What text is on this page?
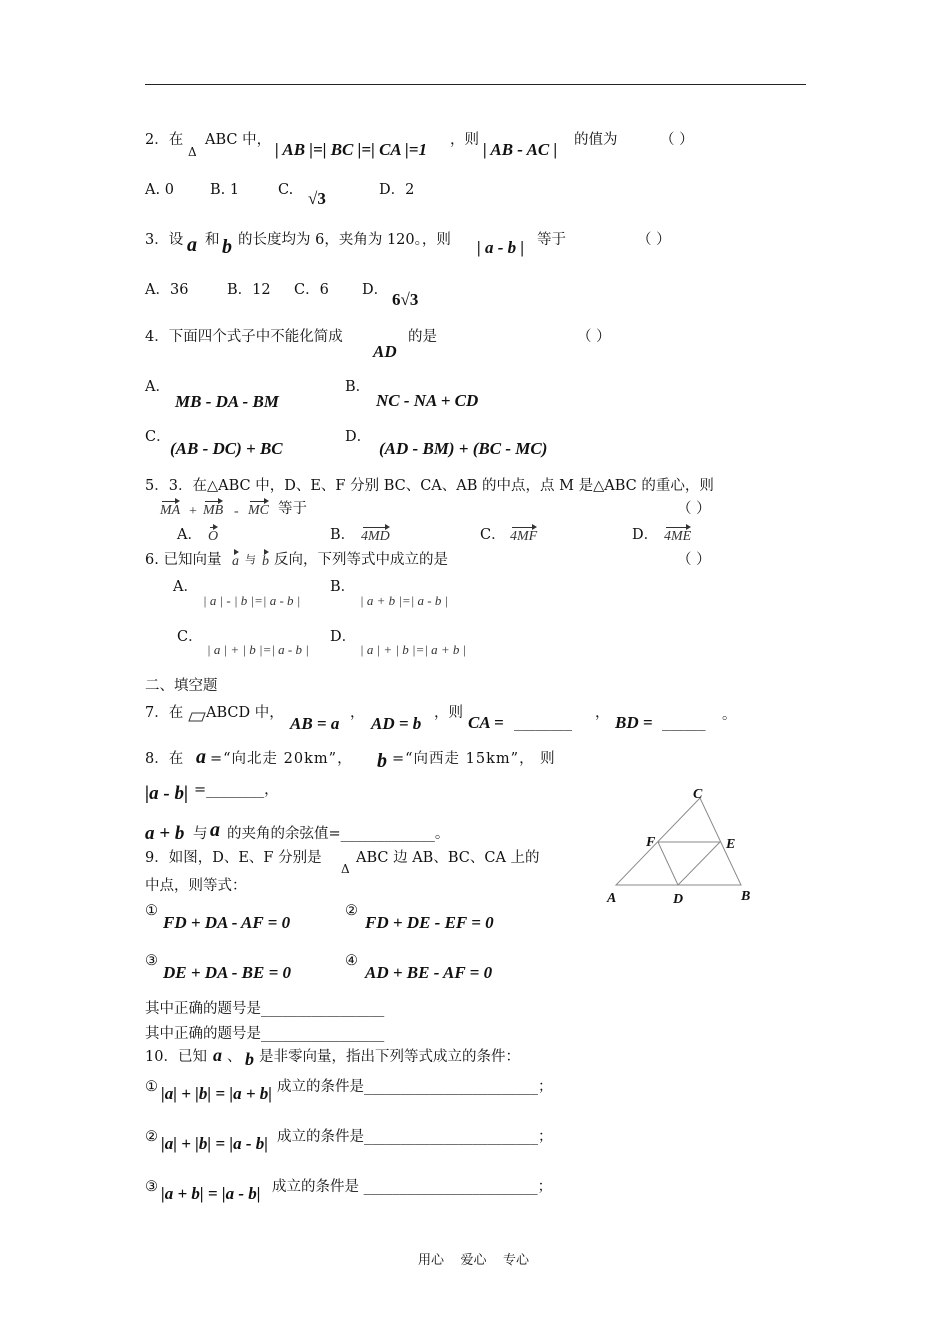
2．在
Δ
ABC 中， | AB |=| BC |=| CA |=1 ，则 | AB - AC | 的值为	（ ）
A. 0 B. 1	C. √3	D．2
3．设 a 和 b 的长度均为 6，夹角为 120。，则 | a - b | 等于	（ ）
A．36	B．12 C．6 D． 6√3
4．下面四个式子中不能化简成
AD
的是	（ ）
A．
MB - DA - BM
B．
NC - NA + CD
C．
(AB - DC) + BC
D．
(AD - BM) + (BC - MC)
5．3．在△ABC 中，D、E、F 分别 BC、CA、AB 的中点，点 M 是△ABC 的重心，则
MA + MB - MC 等于	（ ）
A． O	B． 4MD	C． 4MF	D． 4ME
6. 已知向量 a 与 b 反向，下列等式中成立的是	（ ）
A．
| a | - | b |=| a - b |
B．
| a + b |=| a - b |
C．
| a | + | b |=| a - b |
D．
| a | + | b |=| a + b |
二、填空题
7．在 ABCD 中，
AB = a
，
AD = b
，则 CA = ________
， BD = ______ 。
8．在 a =“向北走 20km”， b =“向西走 15km”， 则
|a - b| =________，
a + b 与 a 的夹角的余弦值=_____________。
9．如图，D、E、F 分别是
Δ
ABC 边 AB、BC、CA 上的
中点，则等式：
①
FD + DA - AF = 0
②
FD + DE - EF = 0
③
DE + DA - BE = 0
④
AD + BE - AF = 0
其中正确的题号是_________________
其中正确的题号是_________________
C
F	E
A	D	B
10．已知 a 、 b 是非零向量，指出下列等式成立的条件：
① |a| + |b| = |a + b| 成立的条件是________________________；
② |a| + |b| = |a - b| 成立的条件是________________________；
③ |a + b| = |a - b| 成立的条件是 ________________________；
用心    爱心    专心
